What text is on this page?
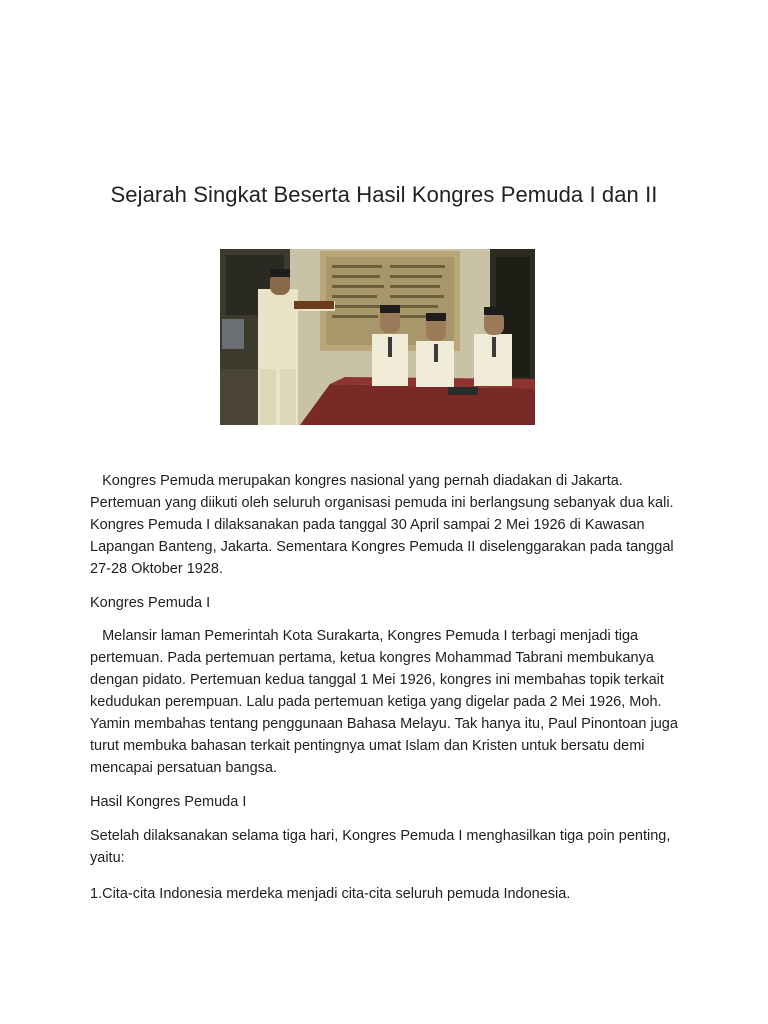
Sejarah Singkat Beserta Hasil Kongres Pemuda I dan II

Kongres Pemuda merupakan kongres nasional yang pernah diadakan di Jakarta. Pertemuan yang diikuti oleh seluruh organisasi pemuda ini berlangsung sebanyak dua kali. Kongres Pemuda I dilaksanakan pada tanggal 30 April sampai 2 Mei 1926 di Kawasan Lapangan Banteng, Jakarta. Sementara Kongres Pemuda II diselenggarakan pada tanggal 27-28 Oktober 1928.

Kongres Pemuda I

Melansir laman Pemerintah Kota Surakarta, Kongres Pemuda I terbagi menjadi tiga pertemuan. Pada pertemuan pertama, ketua kongres Mohammad Tabrani membukanya dengan pidato. Pertemuan kedua tanggal 1 Mei 1926, kongres ini membahas topik terkait kedudukan perempuan. Lalu pada pertemuan ketiga yang digelar pada 2 Mei 1926, Moh. Yamin membahas tentang penggunaan Bahasa Melayu. Tak hanya itu, Paul Pinontoan juga turut membuka bahasan terkait pentingnya umat Islam dan Kristen untuk bersatu demi mencapai persatuan bangsa.

Hasil Kongres Pemuda I

Setelah dilaksanakan selama tiga hari, Kongres Pemuda I menghasilkan tiga poin penting, yaitu:

1.Cita-cita Indonesia merdeka menjadi cita-cita seluruh pemuda Indonesia.
